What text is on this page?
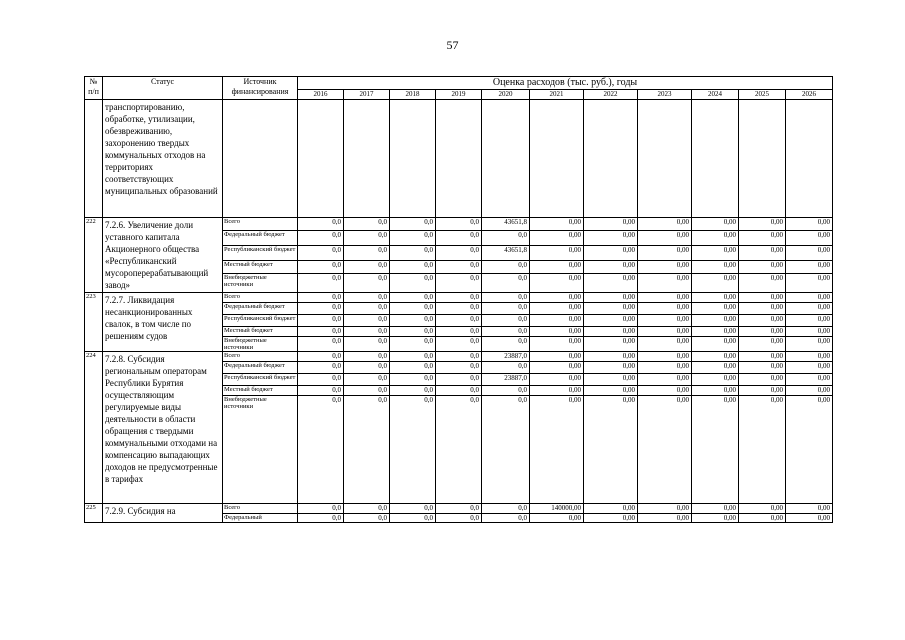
57
№ п/п	Статус	Источник финансирования	Оценка расходов (тыс. руб.), годы										
			2016	2017	2018	2019	2020	2021	2022	2023	2024	2025	2026
	транспортированию, обработке, утилизации, обезвреживанию, захоронению твердых коммунальных отходов на территориях соответствующих муниципальных образований												
222	7.2.6. Увеличение доли уставного капитала Акционерного общества «Республиканский мусороперерабатывающий завод»	Всего	0,0	0,0	0,0	0,0	43651,8	0,00	0,00	0,00	0,00	0,00	0,00
		Федеральный бюджет	0,0	0,0	0,0	0,0	0,0	0,00	0,00	0,00	0,00	0,00	0,00
		Республиканский бюджет	0,0	0,0	0,0	0,0	43651,8	0,00	0,00	0,00	0,00	0,00	0,00
		Местный бюджет	0,0	0,0	0,0	0,0	0,0	0,00	0,00	0,00	0,00	0,00	0,00
		Внебюджетные источники	0,0	0,0	0,0	0,0	0,0	0,00	0,00	0,00	0,00	0,00	0,00
223	7.2.7. Ликвидация несанкционированных свалок, в том числе по решениям судов	Всего	0,0	0,0	0,0	0,0	0,0	0,00	0,00	0,00	0,00	0,00	0,00
		Федеральный бюджет	0,0	0,0	0,0	0,0	0,0	0,00	0,00	0,00	0,00	0,00	0,00
		Республиканский бюджет	0,0	0,0	0,0	0,0	0,0	0,00	0,00	0,00	0,00	0,00	0,00
		Местный бюджет	0,0	0,0	0,0	0,0	0,0	0,00	0,00	0,00	0,00	0,00	0,00
		Внебюджетные источники	0,0	0,0	0,0	0,0	0,0	0,00	0,00	0,00	0,00	0,00	0,00
224	7.2.8. Субсидия региональным операторам Республики Бурятия осуществляющим регулируемые виды деятельности в области обращения с твердыми коммунальными отходами на компенсацию выпадающих доходов не предусмотренные в тарифах	Всего	0,0	0,0	0,0	0,0	23887,0	0,00	0,00	0,00	0,00	0,00	0,00
		Федеральный бюджет	0,0	0,0	0,0	0,0	0,0	0,00	0,00	0,00	0,00	0,00	0,00
		Республиканский бюджет	0,0	0,0	0,0	0,0	23887,0	0,00	0,00	0,00	0,00	0,00	0,00
		Местный бюджет	0,0	0,0	0,0	0,0	0,0	0,00	0,00	0,00	0,00	0,00	0,00
		Внебюджетные источники	0,0	0,0	0,0	0,0	0,0	0,00	0,00	0,00	0,00	0,00	0,00
225	7.2.9. Субсидия на	Всего	0,0	0,0	0,0	0,0	0,0	140000,00	0,00	0,00	0,00	0,00	0,00
		Федеральный	0,0	0,0	0,0	0,0	0,0	0,00	0,00	0,00	0,00	0,00	0,00
